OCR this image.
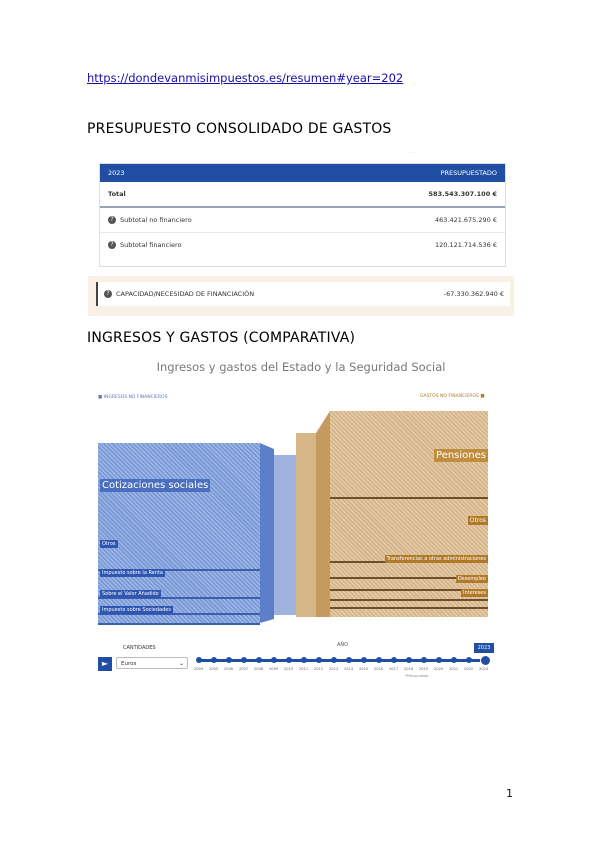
https://dondevanmisimpuestos.es/resumen#year=202
PRESUPUESTO CONSOLIDADO DE GASTOS
· ·
2023	PRESUPUESTADO
Total	583.543.307.100 €
? Subtotal no financiero	463.421.675.290 €
? Subtotal financiero	120.121.714.536 €
? CAPACIDAD/NECESIDAD DE FINANCIACIÓN	-67.330.362.940 €
INGRESOS Y GASTOS (COMPARATIVA)
Ingresos y gastos del Estado y la Seguridad Social
■ INGRESOS NO FINANCIEROS	GASTOS NO FINANCIEROS ■
Cotizaciones sociales
Otros
Impuesto sobre la Renta
Sobre el Valor Añadido
Impuesto sobre Sociedades
Pensiones
Otros
Transferencias a otras administraciones
Desempleo
Intereses
►
CANTIDADES
Euros	⌄
AÑO	2023
2004 2005 2006 2007 2008 2009 2010 2011 2012 2013 2014 2015 2016 2017 2018 2019 2020 2021 2022 2023
*Presupuesto
1
